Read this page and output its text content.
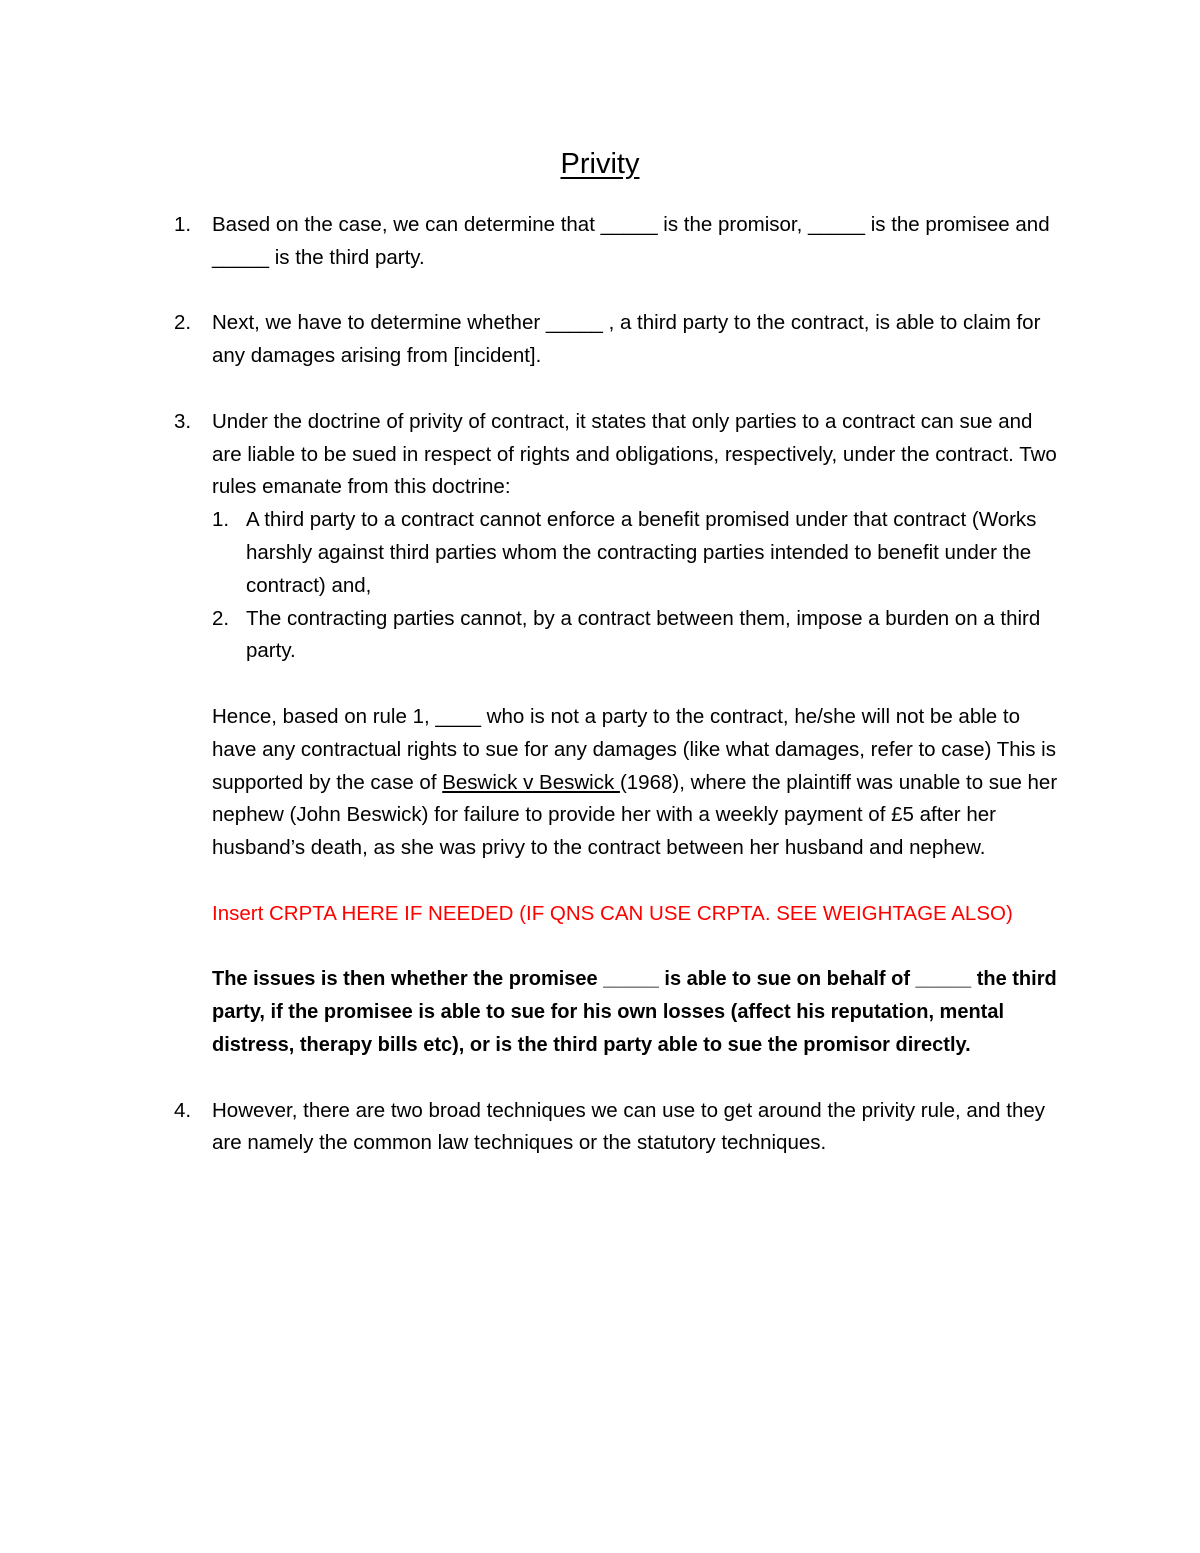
Privity
1. Based on the case, we can determine that _____ is the promisor, _____ is the promisee and _____ is the third party.
2. Next, we have to determine whether _____ , a third party to the contract, is able to claim for any damages arising from [incident].
3. Under the doctrine of privity of contract, it states that only parties to a contract can sue and are liable to be sued in respect of rights and obligations, respectively, under the contract. Two rules emanate from this doctrine:
1. A third party to a contract cannot enforce a benefit promised under that contract (Works harshly against third parties whom the contracting parties intended to benefit under the contract) and,
2. The contracting parties cannot, by a contract between them, impose a burden on a third party.
Hence, based on rule 1, ____ who is not a party to the contract, he/she will not be able to have any contractual rights to sue for any damages (like what damages, refer to case) This is supported by the case of Beswick v Beswick (1968), where the plaintiff was unable to sue her nephew (John Beswick) for failure to provide her with a weekly payment of £5 after her husband’s death, as she was privy to the contract between her husband and nephew.
Insert CRPTA HERE IF NEEDED (IF QNS CAN USE CRPTA. SEE WEIGHTAGE ALSO)
The issues is then whether the promisee _____ is able to sue on behalf of _____ the third party, if the promisee is able to sue for his own losses (affect his reputation, mental distress, therapy bills etc), or is the third party able to sue the promisor directly.
4. However, there are two broad techniques we can use to get around the privity rule, and they are namely the common law techniques or the statutory techniques.
